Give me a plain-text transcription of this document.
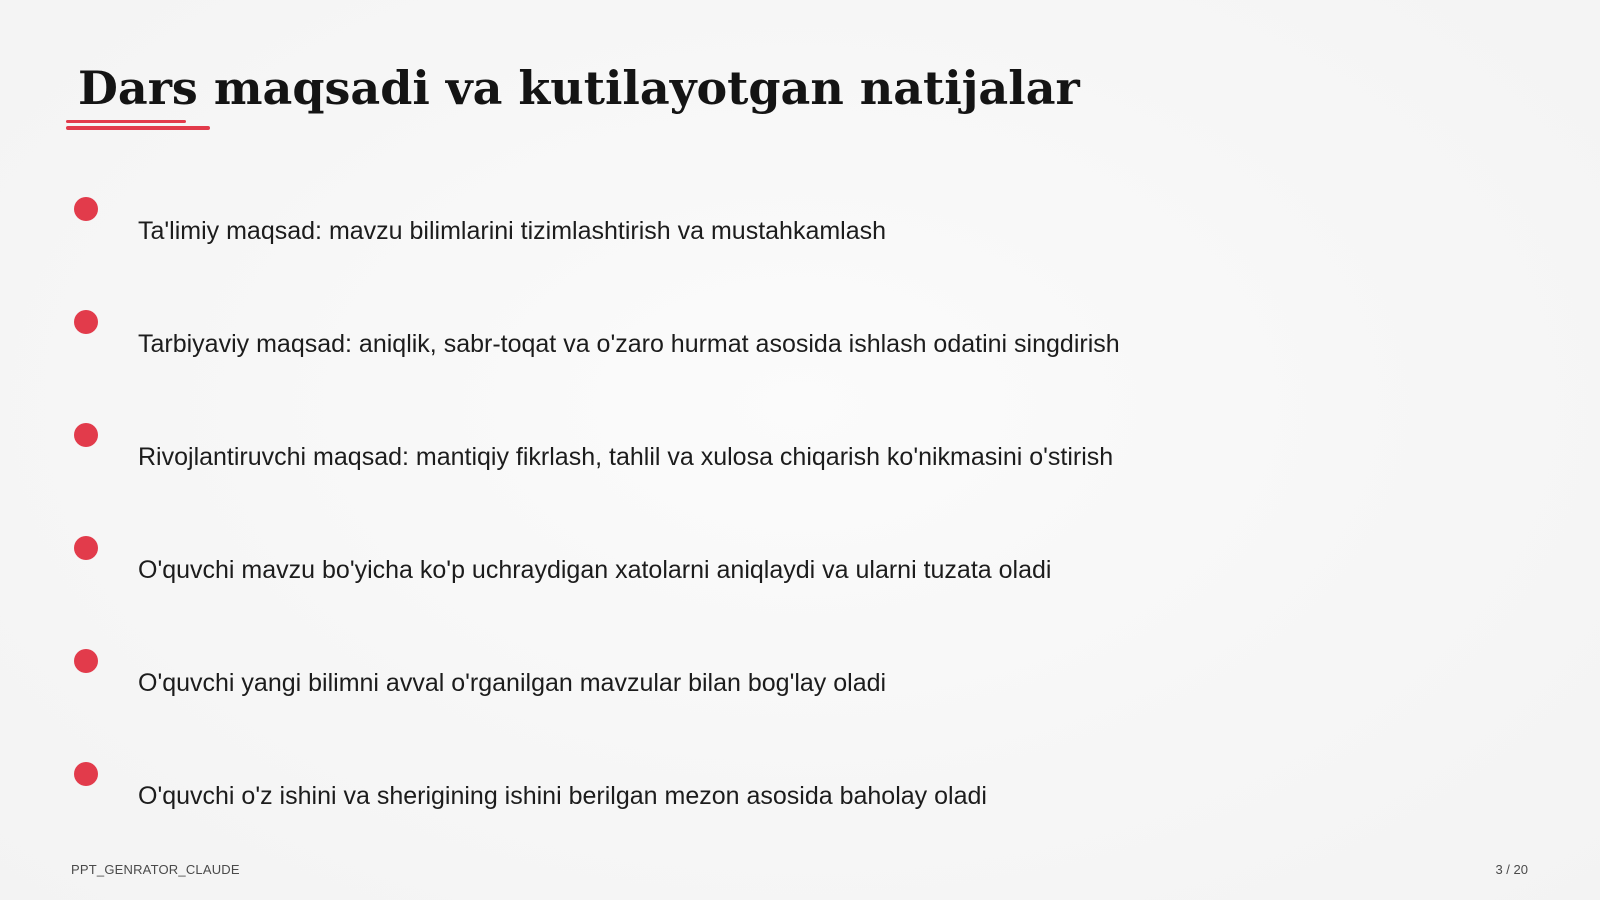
Dars maqsadi va kutilayotgan natijalar
Ta'limiy maqsad: mavzu bilimlarini tizimlashtirish va mustahkamlash
Tarbiyaviy maqsad: aniqlik, sabr-toqat va o'zaro hurmat asosida ishlash odatini singdirish
Rivojlantiruvchi maqsad: mantiqiy fikrlash, tahlil va xulosa chiqarish ko'nikmasini o'stirish
O'quvchi mavzu bo'yicha ko'p uchraydigan xatolarni aniqlaydi va ularni tuzata oladi
O'quvchi yangi bilimni avval o'rganilgan mavzular bilan bog'lay oladi
O'quvchi o'z ishini va sherigining ishini berilgan mezon asosida baholay oladi
PPT_GENRATOR_CLAUDE	3 / 20
